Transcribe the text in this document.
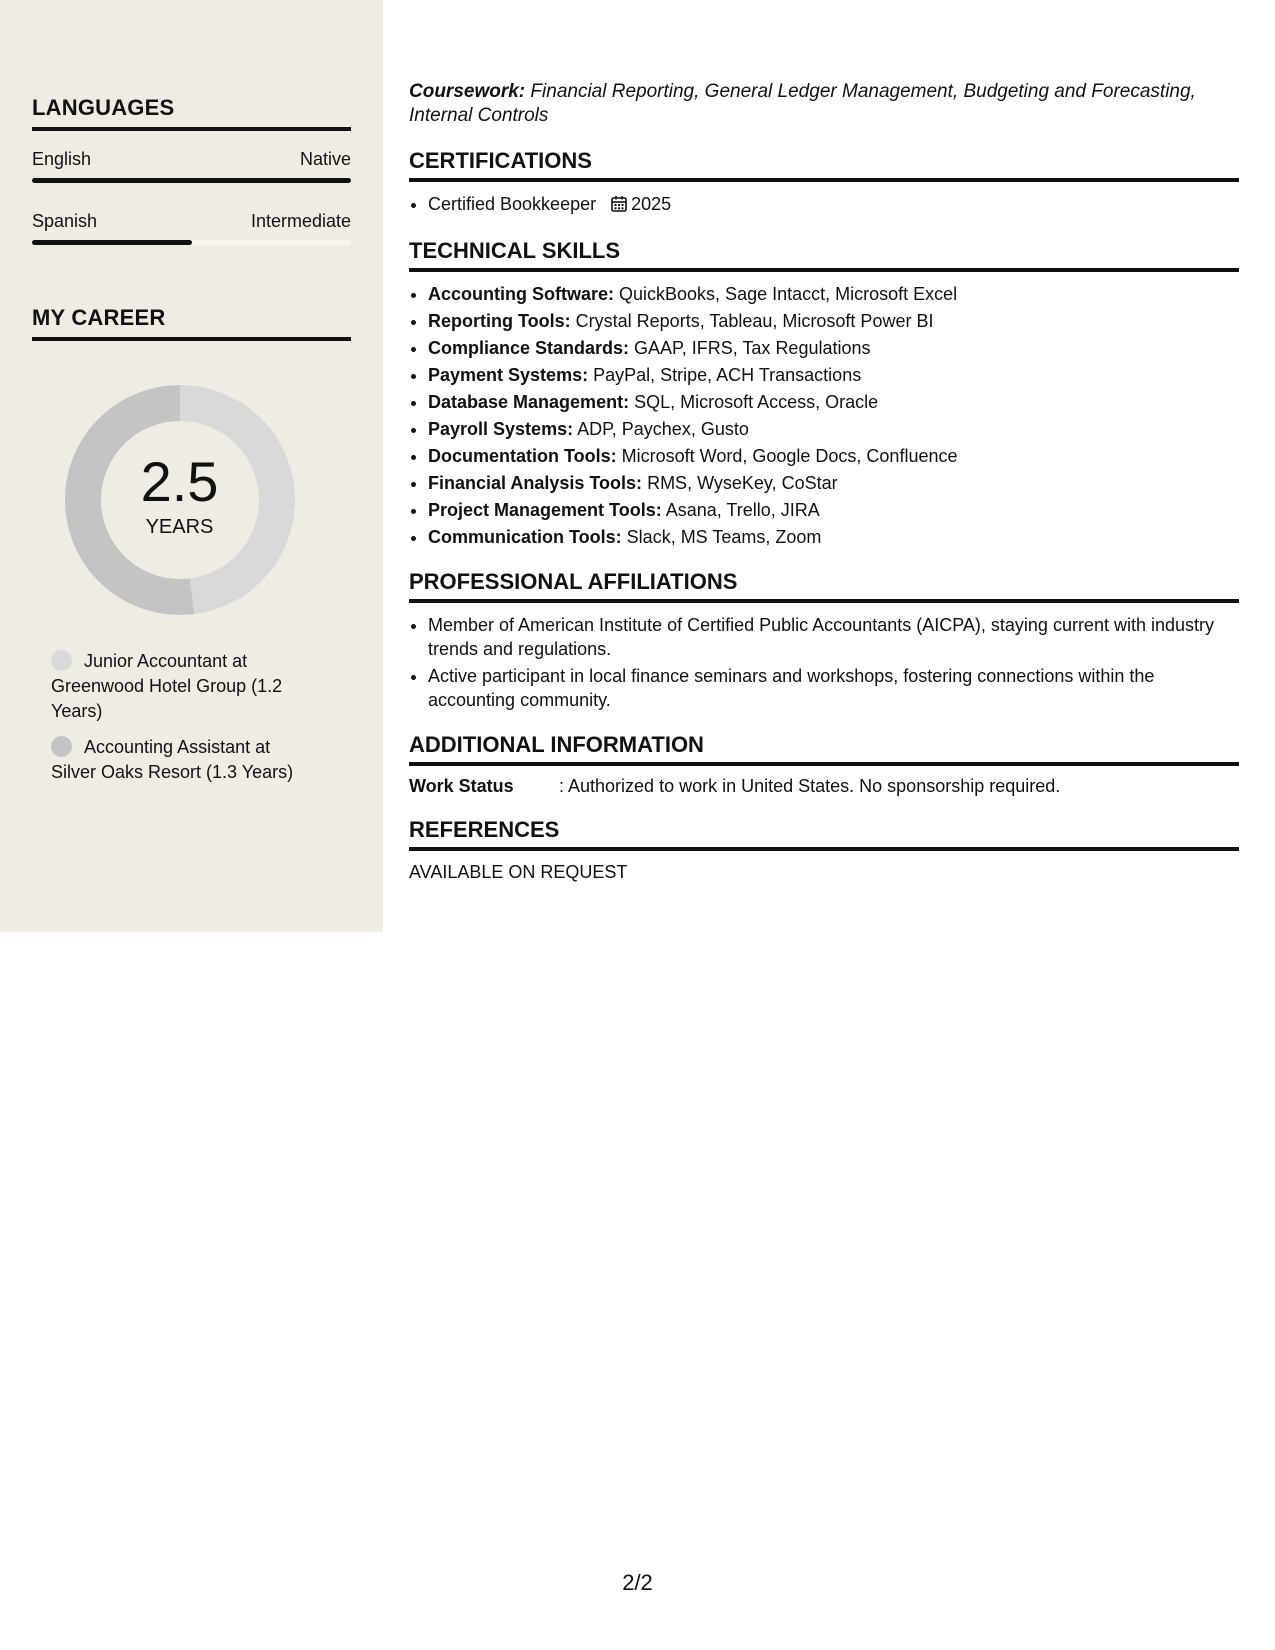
LANGUAGES
English	Native
Spanish	Intermediate
MY CAREER
2.5
YEARS
Junior Accountant at Greenwood Hotel Group (1.2 Years)
Accounting Assistant at Silver Oaks Resort (1.3 Years)

Coursework: Financial Reporting, General Ledger Management, Budgeting and Forecasting, Internal Controls

CERTIFICATIONS
• Certified Bookkeeper 2025
TECHNICAL SKILLS
• Accounting Software: QuickBooks, Sage Intacct, Microsoft Excel
• Reporting Tools: Crystal Reports, Tableau, Microsoft Power BI
• Compliance Standards: GAAP, IFRS, Tax Regulations
• Payment Systems: PayPal, Stripe, ACH Transactions
• Database Management: SQL, Microsoft Access, Oracle
• Payroll Systems: ADP, Paychex, Gusto
• Documentation Tools: Microsoft Word, Google Docs, Confluence
• Financial Analysis Tools: RMS, WyseKey, CoStar
• Project Management Tools: Asana, Trello, JIRA
• Communication Tools: Slack, MS Teams, Zoom
PROFESSIONAL AFFILIATIONS
• Member of American Institute of Certified Public Accountants (AICPA), staying current with industry trends and regulations.
• Active participant in local finance seminars and workshops, fostering connections within the accounting community.
ADDITIONAL INFORMATION
Work Status	: Authorized to work in United States. No sponsorship required.
REFERENCES

AVAILABLE ON REQUEST

2/2
